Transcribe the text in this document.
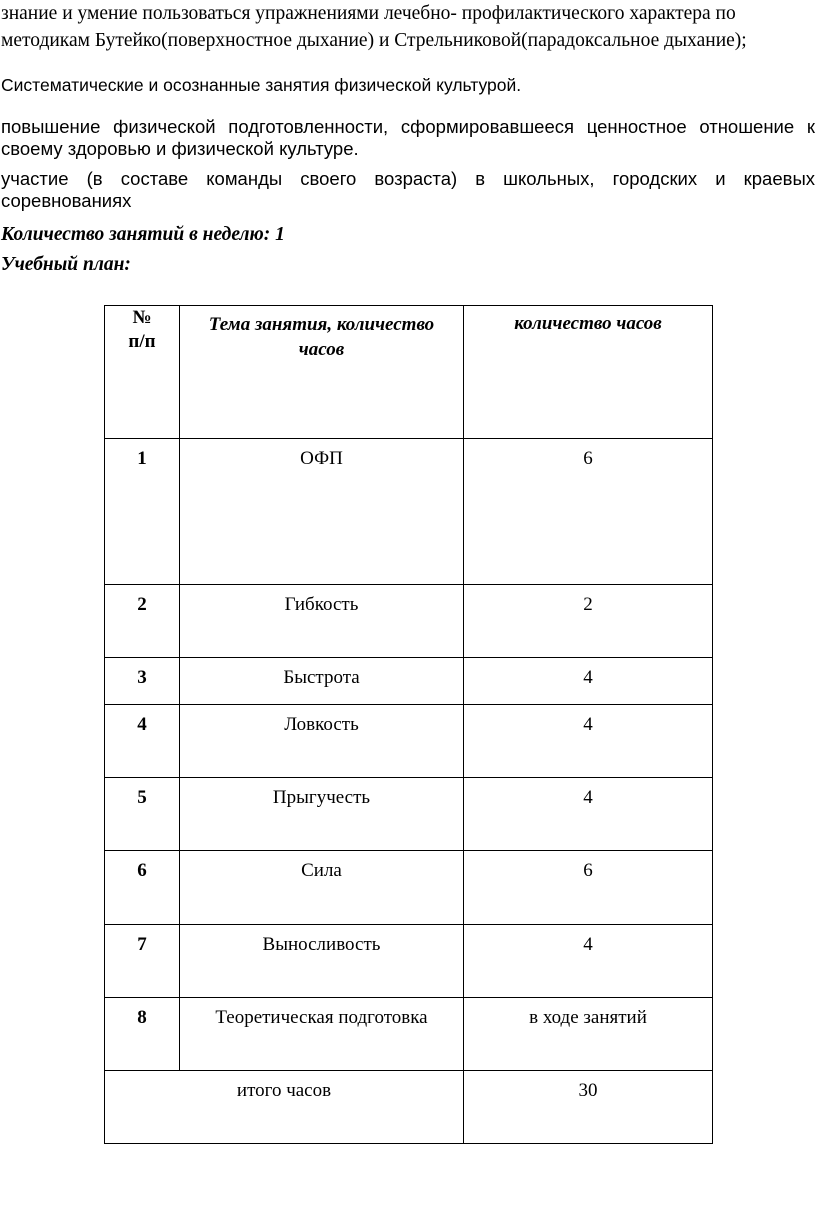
знание и умение пользоваться упражнениями лечебно- профилактического характера по методикам Бутейко(поверхностное дыхание) и Стрельниковой(парадоксальное дыхание);

Систематические и осознанные занятия физической культурой.

повышение физической подготовленности, сформировавшееся ценностное отношение к своему здоровью и физической культуре.

участие (в составе команды своего возраста) в школьных, городских и краевых соревнованиях

Количество занятий в неделю: 1

Учебный план:

№
п/п	Тема занятия, количество часов	количество часов
1	ОФП	6
2	Гибкость	2
3	Быстрота	4
4	Ловкость	4
5	Прыгучесть	4
6	Сила	6
7	Выносливость	4
8	Теоретическая подготовка	в ходе занятий
итого часов		30
